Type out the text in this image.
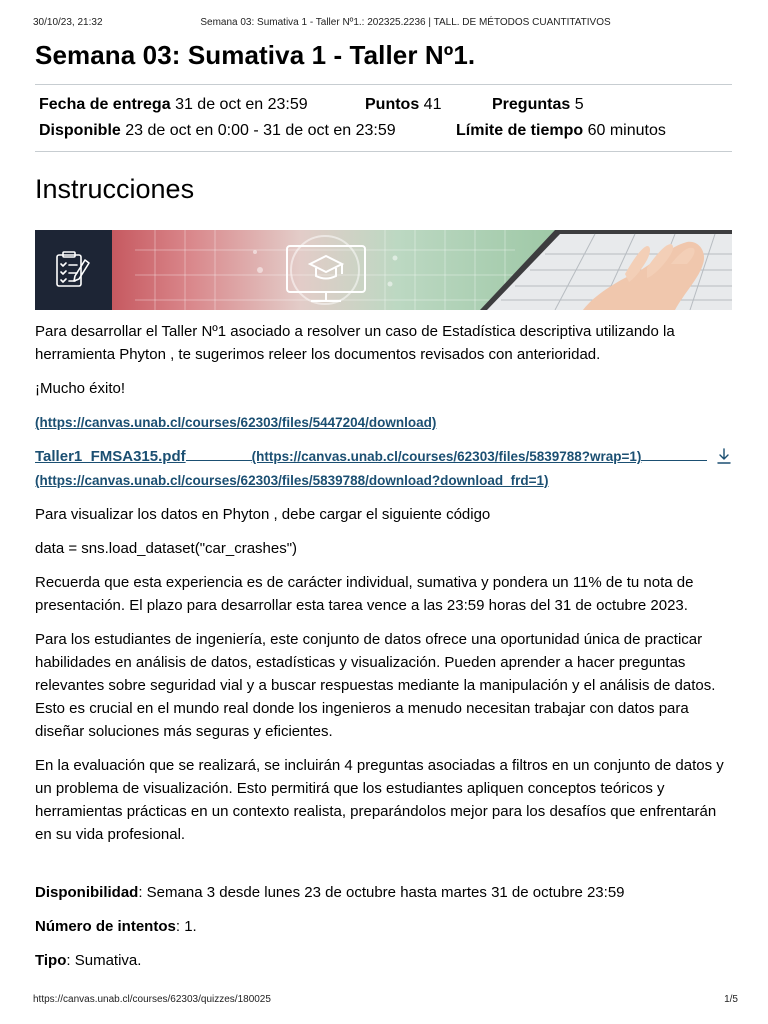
30/10/23, 21:32	Semana 03: Sumativa 1 - Taller Nº1.: 202325.2236 | TALL. DE MÉTODOS CUANTITATIVOS
Semana 03: Sumativa 1 - Taller Nº1.
Fecha de entrega 31 de oct en 23:59	Puntos 41	Preguntas 5
Disponible 23 de oct en 0:00 - 31 de oct en 23:59	Límite de tiempo 60 minutos
Instrucciones

Para desarrollar el Taller Nº1 asociado a resolver un caso de Estadística descriptiva utilizando la herramienta Phyton , te sugerimos releer los documentos revisados con anterioridad.

¡Mucho éxito!

(https://canvas.unab.cl/courses/62303/files/5447204/download)

Taller1_FMSA315.pdf	(https://canvas.unab.cl/courses/62303/files/5839788?wrap=1)

(https://canvas.unab.cl/courses/62303/files/5839788/download?download_frd=1)

Para visualizar los datos en Phyton , debe cargar el siguiente código

data = sns.load_dataset("car_crashes")

Recuerda que esta experiencia es de carácter individual, sumativa y pondera un 11% de tu nota de presentación. El plazo para desarrollar esta tarea vence a las 23:59 horas del 31 de octubre 2023.

Para los estudiantes de ingeniería, este conjunto de datos ofrece una oportunidad única de practicar habilidades en análisis de datos, estadísticas y visualización. Pueden aprender a hacer preguntas relevantes sobre seguridad vial y a buscar respuestas mediante la manipulación y el análisis de datos. Esto es crucial en el mundo real donde los ingenieros a menudo necesitan trabajar con datos para diseñar soluciones más seguras y eficientes.

En la evaluación que se realizará, se incluirán 4 preguntas asociadas a filtros en un conjunto de datos y un problema de visualización. Esto permitirá que los estudiantes apliquen conceptos teóricos y herramientas prácticas en un contexto realista, preparándolos mejor para los desafíos que enfrentarán en su vida profesional.

Disponibilidad: Semana 3 desde lunes 23 de octubre hasta martes 31 de octubre 23:59

Número de intentos: 1.

Tipo: Sumativa.

https://canvas.unab.cl/courses/62303/quizzes/180025	1/5
